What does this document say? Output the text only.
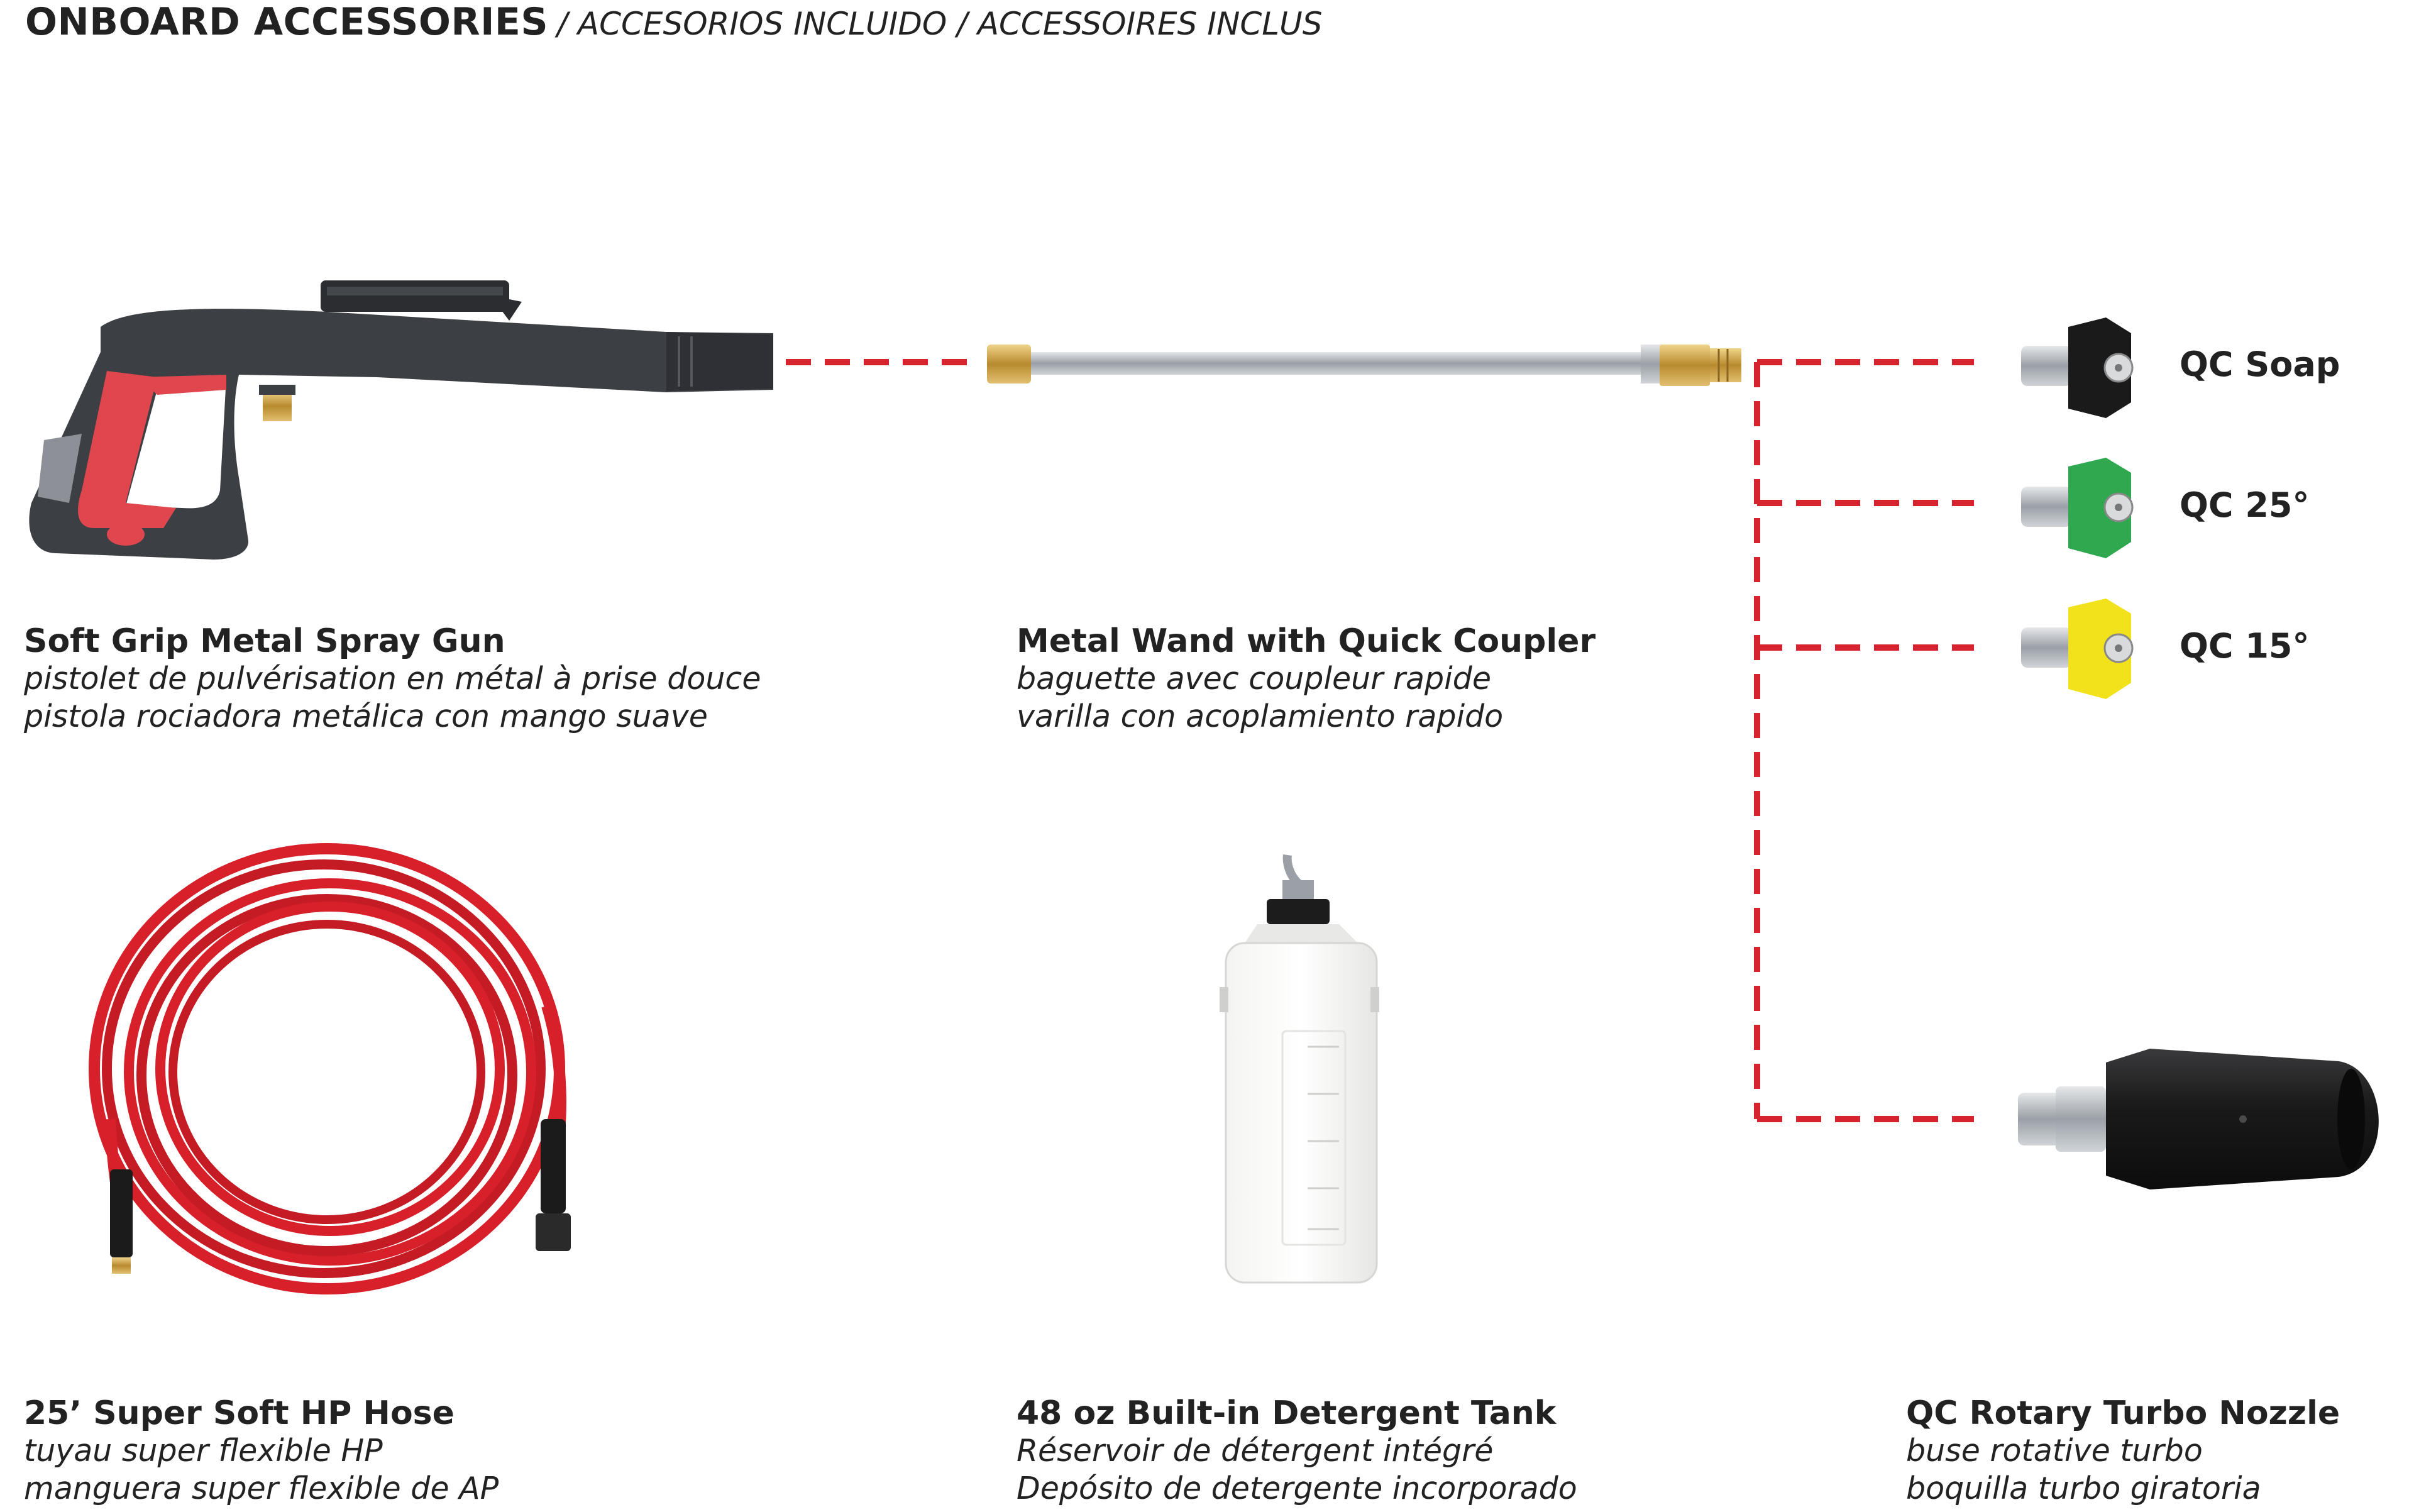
ONBOARD ACCESSORIES / ACCESORIOS INCLUIDO / ACCESSOIRES INCLUS
QC Soap
QC 25°
QC 15°
Soft Grip Metal Spray Gun
pistolet de pulvérisation en métal à prise douce
pistola rociadora metálica con mango suave
Metal Wand with Quick Coupler
baguette avec coupleur rapide
varilla con acoplamiento rapido
25’ Super Soft HP Hose
tuyau super flexible HP
manguera super flexible de AP
48 oz Built-in Detergent Tank
Réservoir de détergent intégré
Depósito de detergente incorporado
QC Rotary Turbo Nozzle
buse rotative turbo
boquilla turbo giratoria
